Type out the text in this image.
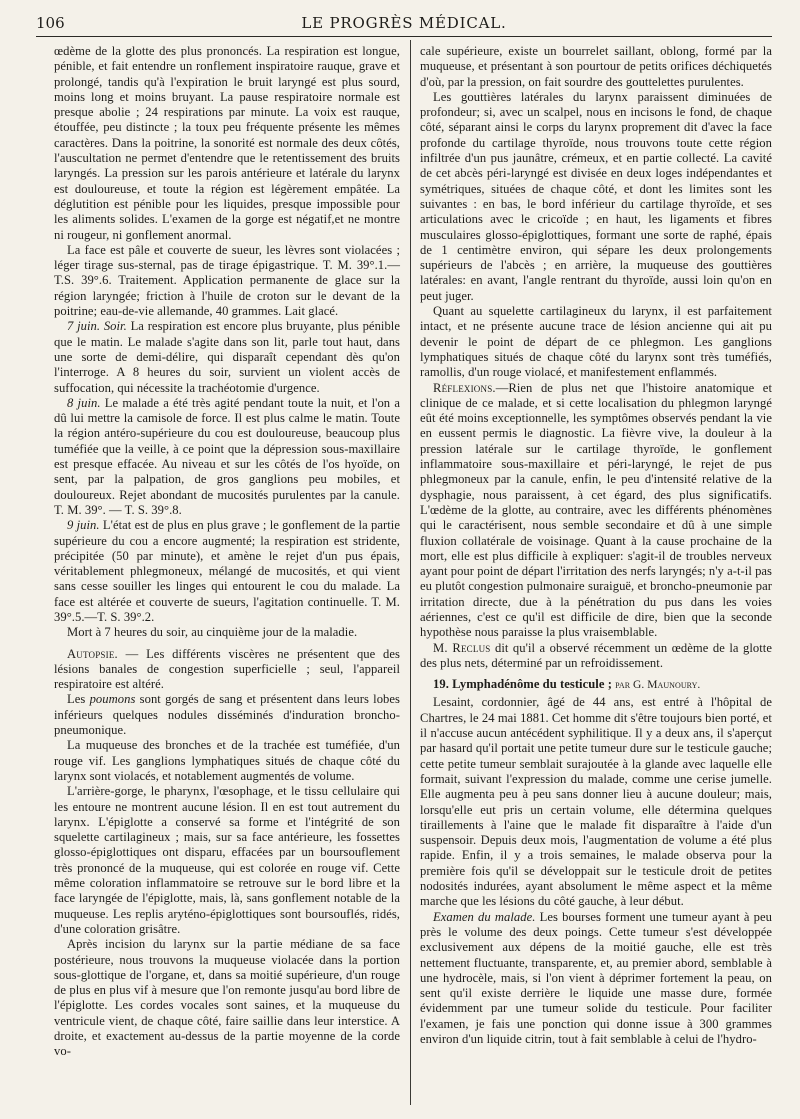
106	LE PROGRÈS MÉDICAL.

œdème de la glotte des plus prononcés. La respiration est longue, pénible, et fait entendre un ronflement inspiratoire rauque, grave et prolongé, tandis qu'à l'expiration le bruit laryngé est plus sourd, moins long et moins bruyant. La pause respiratoire normale est presque abolie ; 24 respirations par minute. La voix est rauque, étouffée, peu distincte ; la toux peu fréquente présente les mêmes caractères. Dans la poitrine, la sonorité est normale des deux côtés, l'auscultation ne permet d'entendre que le retentissement des bruits laryngés. La pression sur les parois antérieure et latérale du larynx est douloureuse, et toute la région est légèrement empâtée. La déglutition est pénible pour les liquides, presque impossible pour les aliments solides. L'examen de la gorge est négatif,et ne montre ni rougeur, ni gonflement anormal.

La face est pâle et couverte de sueur, les lèvres sont violacées ; léger tirage sus-sternal, pas de tirage épigastrique. T. M. 39°.1.—T.S. 39°.6. Traitement. Application permanente de glace sur la région laryngée; friction à l'huile de croton sur le devant de la poitrine; eau-de-vie allemande, 40 grammes. Lait glacé.

7 juin. Soir. La respiration est encore plus bruyante, plus pénible que le matin. Le malade s'agite dans son lit, parle tout haut, dans une sorte de demi-délire, qui disparaît cependant dès qu'on l'interroge. A 8 heures du soir, survient un violent accès de suffocation, qui nécessite la trachéotomie d'urgence.

8 juin. Le malade a été très agité pendant toute la nuit, et l'on a dû lui mettre la camisole de force. Il est plus calme le matin. Toute la région antéro-supérieure du cou est douloureuse, beaucoup plus tuméfiée que la veille, à ce point que la dépression sous-maxillaire est presque effacée. Au niveau et sur les côtés de l'os hyoïde, on sent, par la palpation, de gros ganglions peu mobiles, et douloureux. Rejet abondant de mucosités purulentes par la canule. T. M. 39°. — T. S. 39°.8.

9 juin. L'état est de plus en plus grave ; le gonflement de la partie supérieure du cou a encore augmenté; la respiration est stridente, précipitée (50 par minute), et amène le rejet d'un pus épais, véritablement phlegmoneux, mélangé de mucosités, et qui vient sans cesse souiller les linges qui entourent le cou du malade. La face est altérée et couverte de sueurs, l'agitation continuelle. T. M. 39°.5.—T. S. 39°.2.

Mort à 7 heures du soir, au cinquième jour de la maladie.

Autopsie. — Les différents viscères ne présentent que des lésions banales de congestion superficielle ; seul, l'appareil respiratoire est altéré.

Les poumons sont gorgés de sang et présentent dans leurs lobes inférieurs quelques nodules disséminés d'induration broncho-pneumonique.

La muqueuse des bronches et de la trachée est tuméfiée, d'un rouge vif. Les ganglions lymphatiques situés de chaque côté du larynx sont violacés, et notablement augmentés de volume.

L'arrière-gorge, le pharynx, l'œsophage, et le tissu cellulaire qui les entoure ne montrent aucune lésion. Il en est tout autrement du larynx. L'épiglotte a conservé sa forme et l'intégrité de son squelette cartilagineux ; mais, sur sa face antérieure, les fossettes glosso-épiglottiques ont disparu, effacées par un boursouflement très prononcé de la muqueuse, qui est colorée en rouge vif. Cette même coloration inflammatoire se retrouve sur le bord libre et la face laryngée de l'épiglotte, mais, là, sans gonflement notable de la muqueuse. Les replis aryténo-épiglottiques sont boursouflés, ridés, d'une coloration grisâtre.

Après incision du larynx sur la partie médiane de sa face postérieure, nous trouvons la muqueuse violacée dans la portion sous-glottique de l'organe, et, dans sa moitié supérieure, d'un rouge de plus en plus vif à mesure que l'on remonte jusqu'au bord libre de l'épiglotte. Les cordes vocales sont saines, et la muqueuse du ventricule vient, de chaque côté, faire saillie dans leur interstice. A droite, et exactement au-dessus de la partie moyenne de la corde vo-

cale supérieure, existe un bourrelet saillant, oblong, formé par la muqueuse, et présentant à son pourtour de petits orifices déchiquetés d'où, par la pression, on fait sourdre des gouttelettes purulentes.

Les gouttières latérales du larynx paraissent diminuées de profondeur; si, avec un scalpel, nous en incisons le fond, de chaque côté, séparant ainsi le corps du larynx proprement dit d'avec la face profonde du cartilage thyroïde, nous trouvons toute cette région infiltrée d'un pus jaunâtre, crémeux, et en partie collecté. La cavité de cet abcès péri-laryngé est divisée en deux loges indépendantes et symétriques, situées de chaque côté, et dont les limites sont les suivantes : en bas, le bord inférieur du cartilage thyroïde, et ses articulations avec le cricoïde ; en haut, les ligaments et fibres musculaires glosso-épiglottiques, formant une sorte de raphé, épais de 1 centimètre environ, qui sépare les deux prolongements supérieurs de l'abcès ; en arrière, la muqueuse des gouttières latérales: en avant, l'angle rentrant du thyroïde, aussi loin qu'on en peut juger.

Quant au squelette cartilagineux du larynx, il est parfaitement intact, et ne présente aucune trace de lésion ancienne qui ait pu devenir le point de départ de ce phlegmon. Les ganglions lymphatiques situés de chaque côté du larynx sont très tuméfiés, ramollis, d'un rouge violacé, et manifestement enflammés.

Réflexions.—Rien de plus net que l'histoire anatomique et clinique de ce malade, et si cette localisation du phlegmon laryngé eût été moins exceptionnelle, les symptômes observés pendant la vie en eussent permis le diagnostic. La fièvre vive, la douleur à la pression latérale sur le cartilage thyroïde, le gonflement inflammatoire sous-maxillaire et péri-laryngé, le rejet de pus phlegmoneux par la canule, enfin, le peu d'intensité relative de la dysphagie, nous paraissent, à cet égard, des plus significatifs. L'œdème de la glotte, au contraire, avec les différents phénomènes qui le caractérisent, nous semble secondaire et dû à une simple fluxion collatérale de voisinage. Quant à la cause prochaine de la mort, elle est plus difficile à expliquer: s'agit-il de troubles nerveux ayant pour point de départ l'irritation des nerfs laryngés; n'y a-t-il pas eu plutôt congestion pulmonaire suraiguë, et broncho-pneumonie par irritation directe, due à la pénétration du pus dans les voies aériennes, c'est ce qu'il est difficile de dire, bien que la seconde hypothèse nous paraisse la plus vraisemblable.

M. Reclus dit qu'il a observé récemment un œdème de la glotte des plus nets, déterminé par un refroidissement.

19. Lymphadénôme du testicule ; par G. Maunoury.

Lesaint, cordonnier, âgé de 44 ans, est entré à l'hôpital de Chartres, le 24 mai 1881. Cet homme dit s'être toujours bien porté, et il n'accuse aucun antécédent syphilitique. Il y a deux ans, il s'aperçut par hasard qu'il portait une petite tumeur dure sur le testicule gauche; cette petite tumeur semblait surajoutée à la glande avec laquelle elle formait, suivant l'expression du malade, comme une cerise jumelle. Elle augmenta peu à peu sans donner lieu à aucune douleur; mais, lorsqu'elle eut pris un certain volume, elle détermina quelques tiraillements à l'aine que le malade fit disparaître à l'aide d'un suspensoir. Depuis deux mois, l'augmentation de volume a été plus rapide. Enfin, il y a trois semaines, le malade observa pour la première fois qu'il se développait sur le testicule droit de petites nodosités indurées, ayant absolument le même aspect et la même marche que les lésions du côté gauche, à leur début.

Examen du malade. Les bourses forment une tumeur ayant à peu près le volume des deux poings. Cette tumeur s'est développée exclusivement aux dépens de la moitié gauche, elle est très nettement fluctuante, transparente, et, au premier abord, semblable à une hydrocèle, mais, si l'on vient à déprimer fortement la peau, on sent qu'il existe derrière le liquide une masse dure, formée évidemment par une tumeur solide du testicule. Pour faciliter l'examen, je fais une ponction qui donne issue à 300 grammes environ d'un liquide citrin, tout à fait semblable à celui de l'hydro-
